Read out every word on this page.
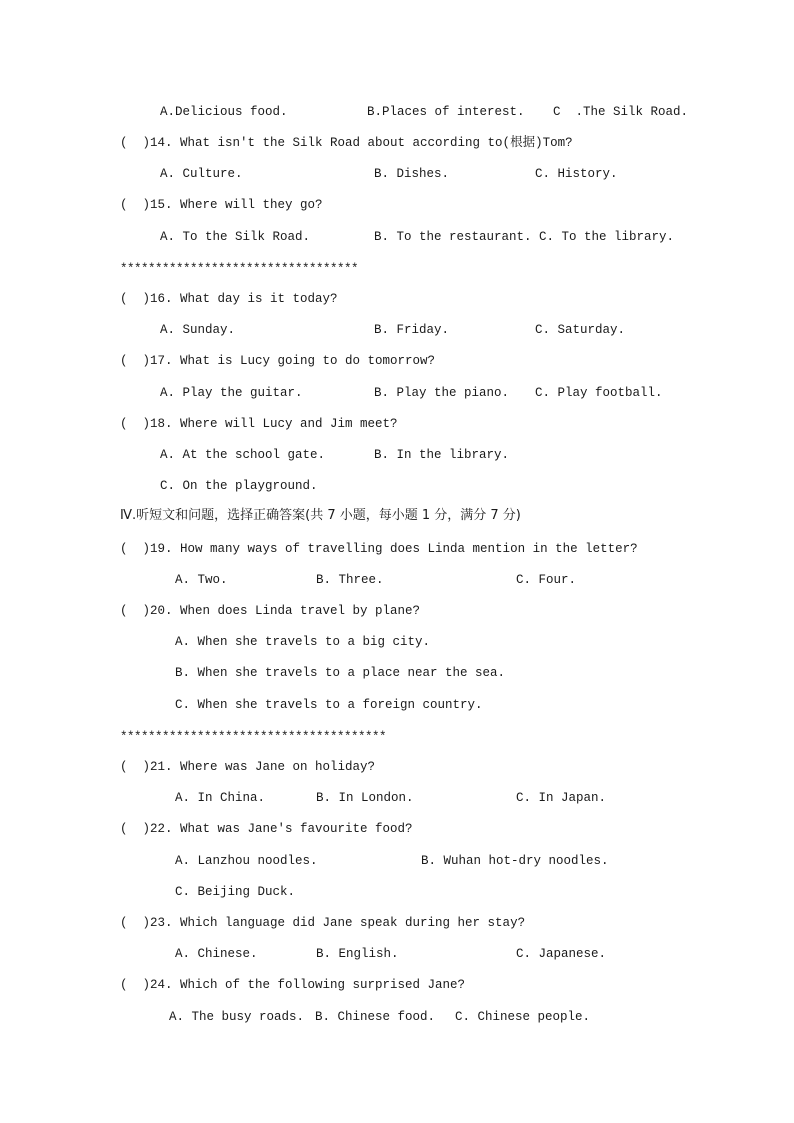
A.Delicious food.	B.Places of interest. C  .The Silk Road.
(  )14. What isn't the Silk Road about according to(根据)Tom?
A. Culture.	B. Dishes.	C. History.
(  )15. Where will they go?
A. To the Silk Road.	B. To the restaurant. C. To the library.
**********************************
(  )16. What day is it today?
A. Sunday.	B. Friday.	C. Saturday.
(  )17. What is Lucy going to do tomorrow?
A. Play the guitar.	B. Play the piano. C. Play football.
(  )18. Where will Lucy and Jim meet?
A. At the school gate.	B. In the library.
C. On the playground.
Ⅳ.听短文和问题，选择正确答案(共 7 小题，每小题 1 分，满分 7 分)
(  )19. How many ways of travelling does Linda mention in the letter?
A. Two.	B. Three.	C. Four.
(  )20. When does Linda travel by plane?
A. When she travels to a big city.
B. When she travels to a place near the sea.
C. When she travels to a foreign country.
**************************************
(  )21. Where was Jane on holiday?
A. In China.	B. In London.	C. In Japan.
(  )22. What was Jane's favourite food?
A. Lanzhou noodles.	B. Wuhan hot-dry noodles.
C. Beijing Duck.
(  )23. Which language did Jane speak during her stay?
A. Chinese.	B. English.	C. Japanese.
(  )24. Which of the following surprised Jane?
A. The busy roads. B. Chinese food. C. Chinese people.
